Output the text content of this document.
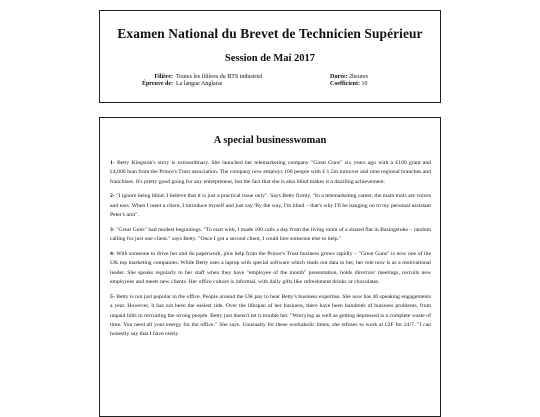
Examen National du Brevet de Technicien Supérieur
Session de Mai 2017
Filière: Toutes les filières du BTS industriel
Épreuve de: La langue Anglaise
Durée: 2heures
Coefficient: 10
A special businesswoman

1- Betty Kingston's story is extraordinary. She launched her telemarketing company "Great Guns" six years ago with a £100 grant and £4,000 loan from the Prince's Trust association. The company now employs 100 people with £ 1.5m turnover and nine regional branches and franchises. It's pretty good going for any entrepreneur, but the fact that she is also blind makes it a dazzling achievement.

2- "I ignore being blind. I believe that it is just a practical issue only". Says Betty firmly. "In a telemarketing career, the main tools are voices and ears. When I meet a client, I introduce myself and just say 'By the way, I'm blind – that's why I'll be hanging on to my personal assistant Peter's arm".

3- "Great Guns" had modest beginnings. "To start with, I made 100 calls a day from the living room of a shared flat in Basingstoke – random calling for just one client." says Betty. "Once I got a second client, I could hire someone else to help."

4- With someone to drive her and do paperwork, plus help from the Prince's Trust business grows rapidly – "Great Guns" is now one of the UK top marketing companies. While Betty uses a laptop with special software which reads out data to her, her role now is as a motivational leader. She speaks regularly to her staff when they have "employee of the month" presentation, holds directors' meetings, recruits new employees and meets new clients. Her office culture is informal, with daily gifts like refreshment drinks or chocolates.

5- Betty is not just popular in the office. People around the UK pay to hear Betty's business expertise. She now has 40 speaking engagements a year. However, it has not been the easiest ride. Over the lifespan of her business, there have been hundreds of business problems, from unpaid bills to recruiting the wrong people. Betty just doesn't let it trouble her. "Worrying as well as getting depressed is a complete waste of time. You need all your energy for the office." She says. Unusually for these workaholic times, she refuses to work at £2F for 24/7. "I can honestly say that I have rarely
